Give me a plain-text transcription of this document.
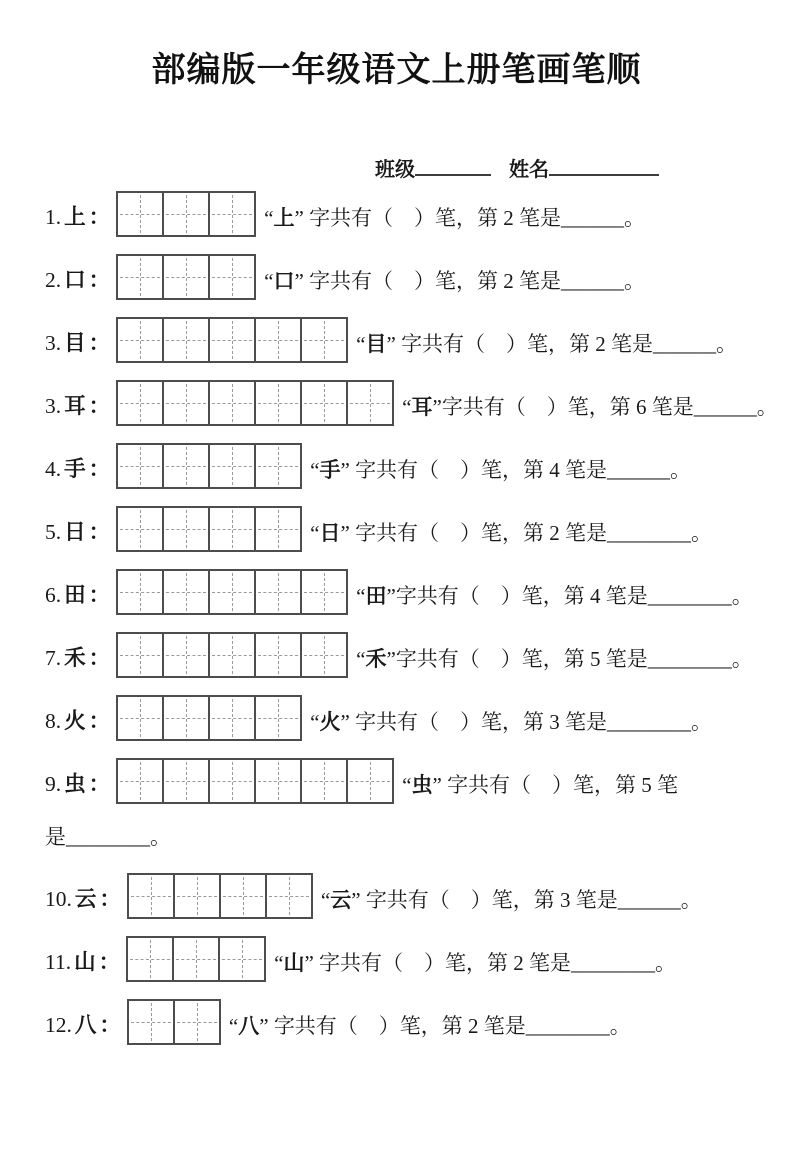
部编版一年级语文上册笔画笔顺
班级	姓名
1. 上 ：	“上” 字共有（　）笔，第 2 笔是______。
2. 口 ：	“口” 字共有（　）笔，第 2 笔是______。
3. 目 ：	“目” 字共有（　）笔，第 2 笔是______。
3. 耳 ：	“耳”字共有（　）笔，第 6 笔是______。
4. 手 ：	“手” 字共有（　）笔，第 4 笔是______。
5. 日 ：	“日” 字共有（　）笔，第 2 笔是________。
6. 田 ：	“田”字共有（　）笔，第 4 笔是________。
7. 禾 ：	“禾”字共有（　）笔，第 5 笔是________。
8. 火 ：	“火” 字共有（　）笔，第 3 笔是________。
9. 虫 ：	“虫” 字共有（　）笔，第 5 笔
是________。
10. 云 ：	“云” 字共有（　）笔，第 3 笔是______。
11. 山 ：	“山” 字共有（　）笔，第 2 笔是________。
12. 八 ：	“八” 字共有（　）笔，第 2 笔是________。
